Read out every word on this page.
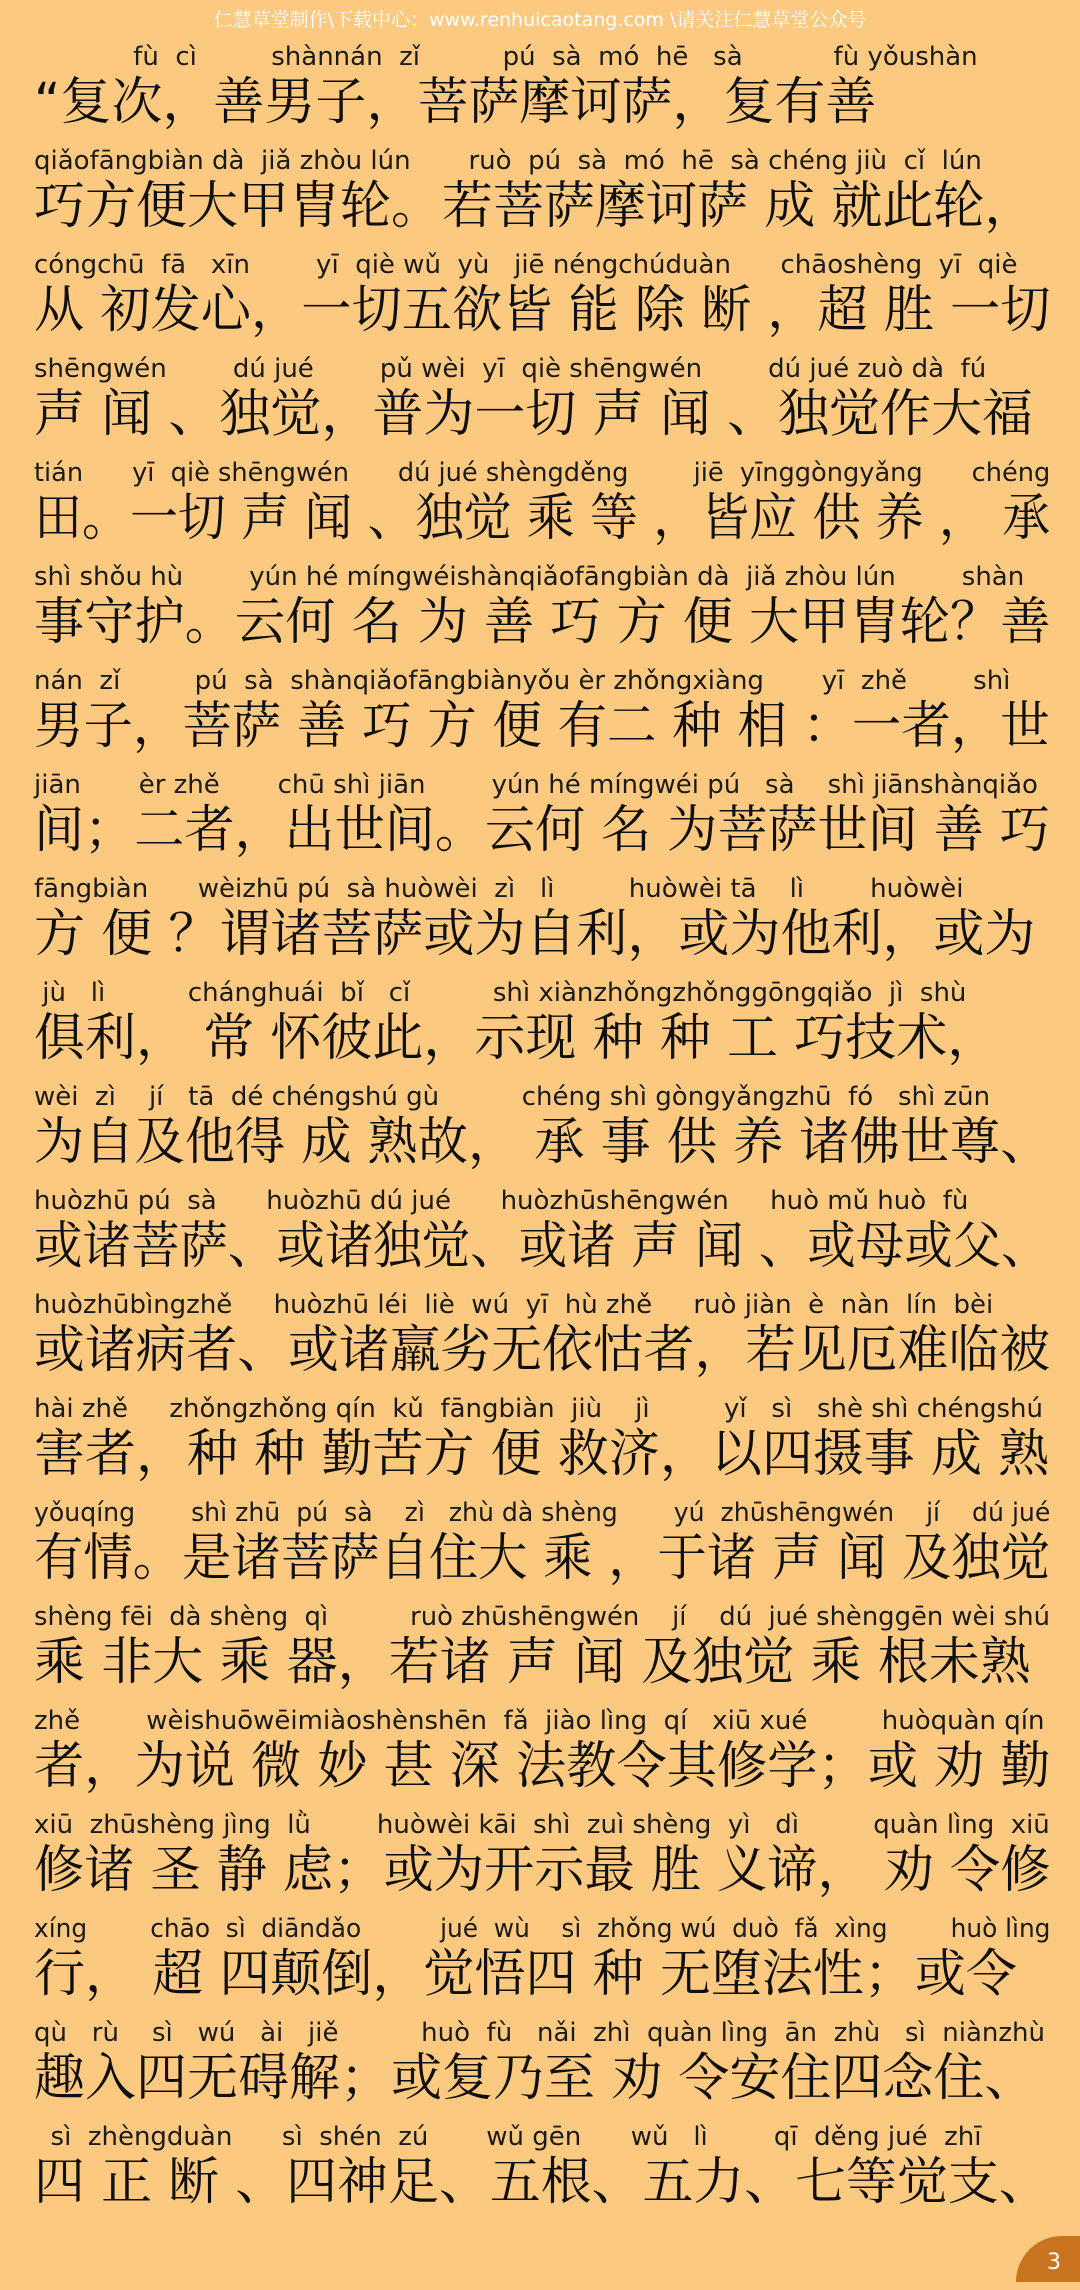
仁慧草堂制作\下载中心：www.renhuicaotang.com \请关注仁慧草堂公众号
fù  cì         shànnán  zǐ          pú  sà  mó  hē   sà           fù yǒushàn
“复次，善男子，菩萨摩诃萨，复有善
qiǎofāngbiàn dà  jiǎ zhòu lún       ruò  pú  sà  mó  hē  sà chéng jiù  cǐ  lún
巧方便大甲胄轮。若菩萨摩诃萨 成 就此轮，
cóngchū  fā   xīn        yī  qiè wǔ  yù   jiē néngchúduàn      chāoshèng  yī  qiè
从 初发心，一切五欲皆 能 除 断 ，超 胜 一切
shēngwén        dú jué        pǔ wèi  yī  qiè shēngwén        dú jué zuò dà  fú
声 闻 、独觉，普为一切 声 闻 、独觉作大福
tián      yī  qiè shēngwén      dú jué shèngděng        jiē  yīnggòngyǎng      chéng
田。一切 声 闻 、独觉 乘 等 ，皆应 供 养 ， 承
shì shǒu hù        yún hé míngwéishànqiǎofāngbiàn dà  jiǎ zhòu lún        shàn
事守护。云何 名 为 善 巧 方 便 大甲胄轮？善
nán  zǐ         pú  sà  shànqiǎofāngbiànyǒu èr zhǒngxiàng       yī  zhě        shì
男子，菩萨 善 巧 方 便 有二 种 相 ：一者，世
jiān       èr zhě       chū shì jiān        yún hé míngwéi pú   sà    shì jiānshànqiǎo
间；二者，出世间。云何 名 为菩萨世间 善 巧
fāngbiàn      wèizhū pú  sà huòwèi  zì   lì         huòwèi tā    lì        huòwèi
方 便 ？谓诸菩萨或为自利，或为他利，或为
jù   lì          chánghuái  bǐ   cǐ          shì xiànzhǒngzhǒnggōngqiǎo  jì  shù
俱利， 常 怀彼此，示现 种 种 工 巧技术，
wèi  zì    jí   tā  dé chéngshú gù          chéng shì gòngyǎngzhū  fó   shì zūn
为自及他得 成 熟故， 承 事 供 养 诸佛世尊、
huòzhū pú  sà      huòzhū dú jué      huòzhūshēngwén     huò mǔ huò  fù
或诸菩萨、或诸独觉、或诸 声 闻 、或母或父、
huòzhūbìngzhě     huòzhū léi  liè  wú  yī  hù zhě     ruò jiàn  è  nàn  lín  bèi
或诸病者、或诸羸劣无依怙者，若见厄难临被
hài zhě     zhǒngzhǒng qín  kǔ  fāngbiàn  jiù    jì         yǐ   sì   shè shì chéngshú
害者，种 种 勤苦方 便 救济，以四摄事 成 熟
yǒuqíng       shì zhū  pú  sà    zì   zhù dà shèng       yú  zhūshēngwén    jí    dú jué
有情。是诸菩萨自住大 乘 ，于诸 声 闻 及独觉
shèng fēi  dà shèng  qì          ruò zhūshēngwén    jí    dú  jué shènggēn wèi shú
乘 非大 乘 器，若诸 声 闻 及独觉 乘 根未熟
zhě        wèishuōwēimiàoshènshēn  fǎ  jiào lìng  qí   xiū xué         huòquàn qín
者，为说 微 妙 甚 深 法教令其修学；或 劝 勤
xiū  zhūshèng jìng  lǜ        huòwèi kāi  shì  zuì shèng  yì   dì         quàn lìng  xiū
修诸 圣 静 虑；或为开示最 胜 义谛， 劝 令修
xíng        chāo  sì  diāndǎo          jué  wù    sì  zhǒng wú  duò  fǎ  xìng        huò lìng
行， 超 四颠倒，觉悟四 种 无堕法性；或令
qù   rù    sì   wú   ài   jiě          huò  fù   nǎi  zhì  quàn lìng  ān  zhù   sì  niànzhù
趣入四无碍解；或复乃至 劝 令安住四念住、
sì  zhèngduàn      sì  shén  zú       wǔ gēn      wǔ   lì        qī  děng jué  zhī
四 正 断 、四神足、五根、五力、七等觉支、
3
